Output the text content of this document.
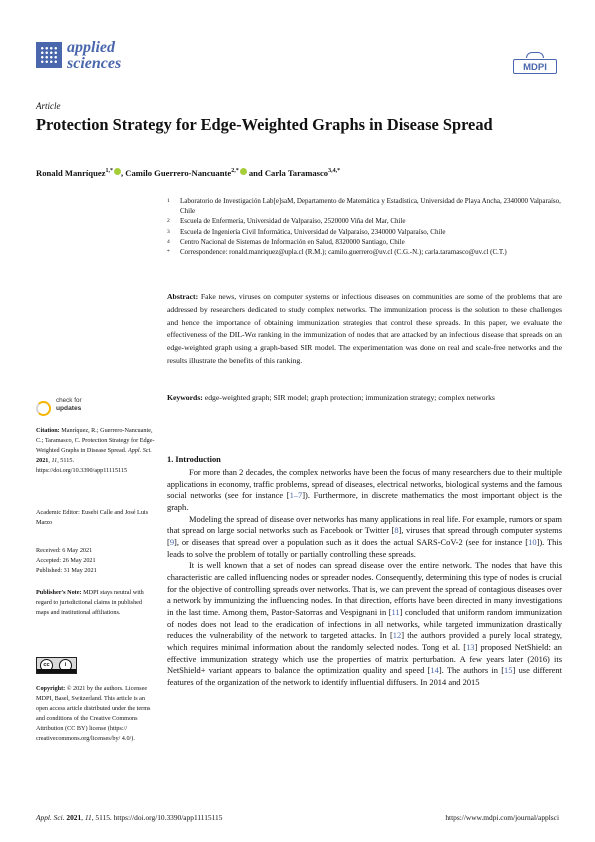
applied
sciences	MDPI
Article
Protection Strategy for Edge-Weighted Graphs in Disease Spread
Ronald Manríquez$^{1,*}$ , Camilo Guerrero-Nancuante$^{2,*}$ and Carla Taramasco$^{3,4,*}$
1	Laboratorio de Investigación Lab[e]saM, Departamento de Matemática y Estadística, Universidad de Playa Ancha, 2340000 Valparaíso, Chile
2	Escuela de Enfermería, Universidad de Valparaíso, 2520000 Viña del Mar, Chile
3	Escuela de Ingeniería Civil Informática, Universidad de Valparaíso, 2340000 Valparaíso, Chile
4	Centro Nacional de Sistemas de Información en Salud, 8320000 Santiago, Chile
*	Correspondence: ronald.manriquez@upla.cl (R.M.); camilo.guerrero@uv.cl (C.G.-N.); carla.taramasco@uv.cl (C.T.)
Abstract: Fake news, viruses on computer systems or infectious diseases on communities are some of the problems that are addressed by researchers dedicated to study complex networks. The immunization process is the solution to these challenges and hence the importance of obtaining immunization strategies that control these spreads. In this paper, we evaluate the effectiveness of the DIL-Wα ranking in the immunization of nodes that are attacked by an infectious disease that spreads on an edge-weighted graph using a graph-based SIR model. The experimentation was done on real and scale-free networks and the results illustrate the benefits of this ranking.
Keywords: edge-weighted graph; SIR model; graph protection; immunization strategy; complex networks
check for
updates
Citation: Manríquez, R.; Guerrero-Nancuante, C.; Taramasco, C. Protection Strategy for Edge-Weighted Graphs in Disease Spread. Appl. Sci. 2021, 11, 5115. https://doi.org/10.3390/app11115115
Academic Editor: Eusebi Calle and José Luis Marzo
Received: 6 May 2021
Accepted: 26 May 2021
Published: 31 May 2021
Publisher's Note: MDPI stays neutral with regard to jurisdictional claims in published maps and institutional affiliations.
cc	i
Copyright: © 2021 by the authors. Licensee MDPI, Basel, Switzerland. This article is an open access article distributed under the terms and conditions of the Creative Commons Attribution (CC BY) license (https:// creativecommons.org/licenses/by/ 4.0/).
1. Introduction

For more than 2 decades, the complex networks have been the focus of many researchers due to their multiple applications in economy, traffic problems, spread of diseases, electrical networks, biological systems and the famous social networks (see for instance [1–7]). Furthermore, in discrete mathematics the most important object is the graph.

Modeling the spread of disease over networks has many applications in real life. For example, rumors or spam that spread on large social networks such as Facebook or Twitter [8], viruses that spread through computer systems [9], or diseases that spread over a population such as it does the actual SARS-CoV-2 (see for instance [10]). This leads to solve the problem of totally or partially controlling these spreads.

It is well known that a set of nodes can spread disease over the entire network. The nodes that have this characteristic are called influencing nodes or spreader nodes. Consequently, determining this type of nodes is crucial for the objective of controlling spreads over networks. That is, we can prevent the spread of contagious diseases over a network by immunizing the influencing nodes. In that direction, efforts have been directed in many investigations in the last time. Among them, Pastor-Satorras and Vespignani in [11] concluded that uniform random immunization of nodes does not lead to the eradication of infections in all networks, while targeted immunization drastically reduces the vulnerability of the network to targeted attacks. In [12] the authors provided a purely local strategy, which requires minimal information about the randomly selected nodes. Tong et al. [13] proposed NetShield: an effective immunization strategy which use the properties of matrix perturbation. A few years later (2016) its NetShield+ variant appears to balance the optimization quality and speed [14]. The authors in [15] use different features of the organization of the network to identify influential diffusers. In 2014 and 2015

Appl. Sci. 2021, 11, 5115. https://doi.org/10.3390/app11115115	https://www.mdpi.com/journal/applsci
